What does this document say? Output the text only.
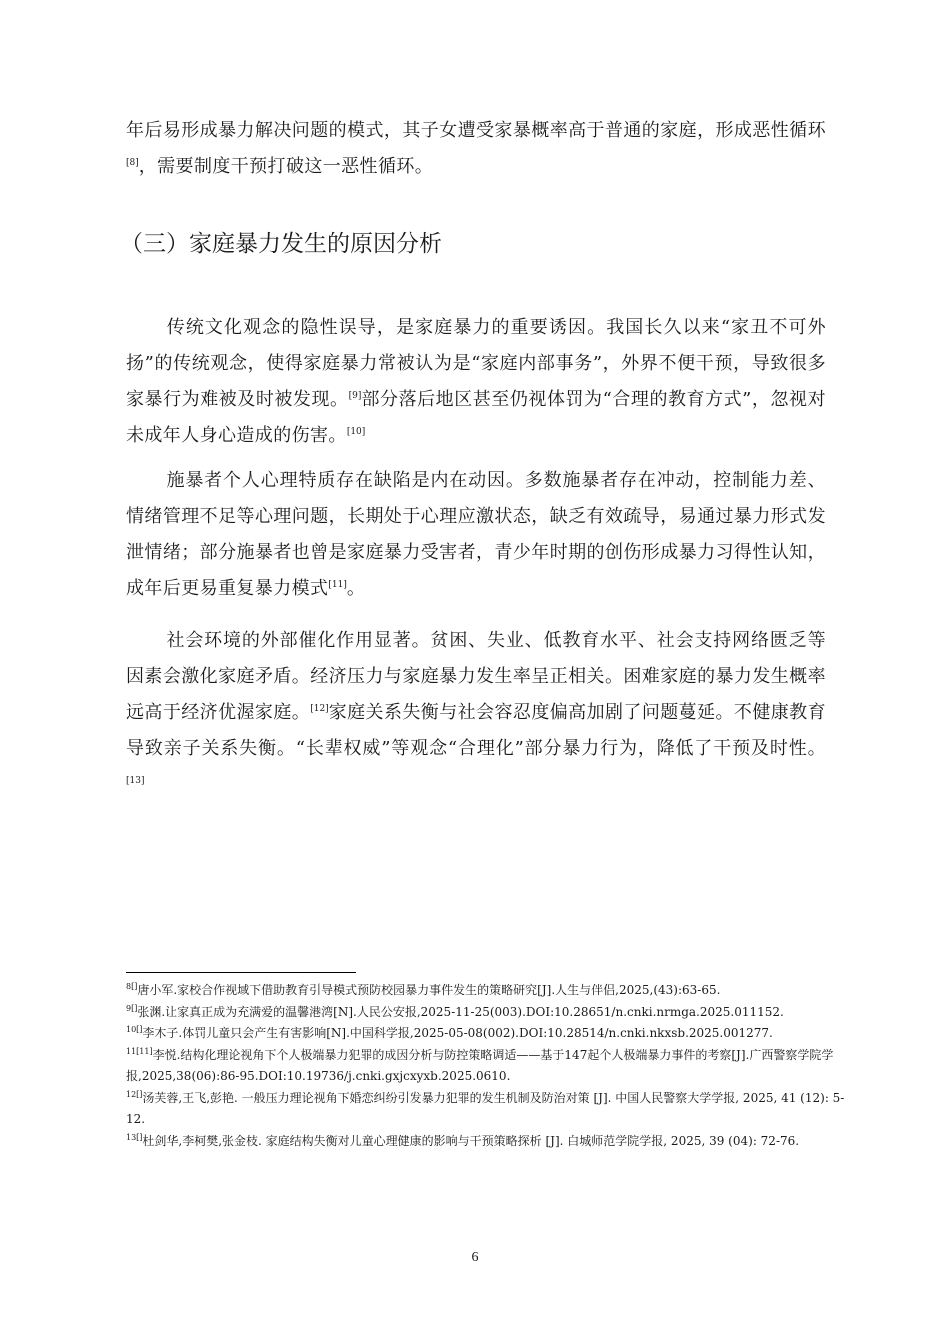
年后易形成暴力解决问题的模式，其子女遭受家暴概率高于普通的家庭，形成恶性循环[8]，需要制度干预打破这一恶性循环。

（三）家庭暴力发生的原因分析

传统文化观念的隐性误导，是家庭暴力的重要诱因。我国长久以来“家丑不可外扬”的传统观念，使得家庭暴力常被认为是“家庭内部事务”，外界不便干预，导致很多家暴行为难被及时被发现。[9]部分落后地区甚至仍视体罚为“合理的教育方式”，忽视对未成年人身心造成的伤害。[10]

施暴者个人心理特质存在缺陷是内在动因。多数施暴者存在冲动，控制能力差、情绪管理不足等心理问题，长期处于心理应激状态，缺乏有效疏导，易通过暴力形式发泄情绪；部分施暴者也曾是家庭暴力受害者，青少年时期的创伤形成暴力习得性认知，成年后更易重复暴力模式[11]。

社会环境的外部催化作用显著。贫困、失业、低教育水平、社会支持网络匮乏等因素会激化家庭矛盾。经济压力与家庭暴力发生率呈正相关。困难家庭的暴力发生概率远高于经济优渥家庭。[12]家庭关系失衡与社会容忍度偏高加剧了问题蔓延。不健康教育导致亲子关系失衡。“长辈权威”等观念“合理化”部分暴力行为，降低了干预及时性。[13]

$^{8[]}$唐小军.家校合作视域下借助教育引导模式预防校园暴力事件发生的策略研究[J].人生与伴侣,2025,(43):63-65.

$^{9[]}$张渊.让家真正成为充满爱的温馨港湾[N].人民公安报,2025-11-25(003).DOI:10.28651/n.cnki.nrmga.2025.011152.

$^{10[]}$李木子.体罚儿童只会产生有害影响[N].中国科学报,2025-05-08(002).DOI:10.28514/n.cnki.nkxsb.2025.001277.

$^{11[11]}$李悦.结构化理论视角下个人极端暴力犯罪的成因分析与防控策略调适——基于147起个人极端暴力事件的考察[J].广西警察学院学报,2025,38(06):86-95.DOI:10.19736/j.cnki.gxjcxyxb.2025.0610.

$^{12[]}$汤芙蓉,王飞,彭艳. 一般压力理论视角下婚恋纠纷引发暴力犯罪的发生机制及防治对策 [J]. 中国人民警察大学学报, 2025, 41 (12): 5-12.

$^{13[]}$杜剑华,李柯樊,张金枝. 家庭结构失衡对儿童心理健康的影响与干预策略探析 [J]. 白城师范学院学报, 2025, 39 (04): 72-76.

6
